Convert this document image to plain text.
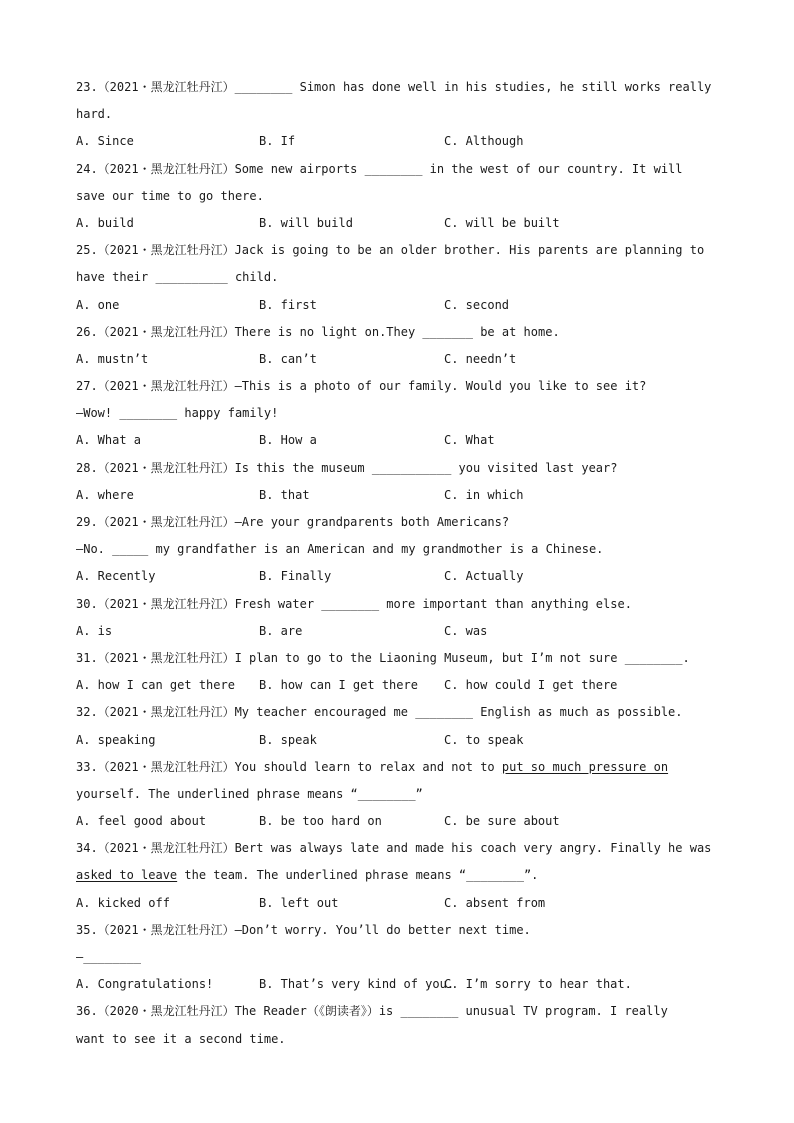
23.（2021・黑龙江牡丹江）________ Simon has done well in his studies, he still works really
hard.
A. Since	B. If	C. Although
24.（2021・黑龙江牡丹江）Some new airports ________ in the west of our country. It will
save our time to go there.
A. build	B. will build	C. will be built
25.（2021・黑龙江牡丹江）Jack is going to be an older brother. His parents are planning to
have their __________ child.
A. one	B. first	C. second
26.（2021・黑龙江牡丹江）There is no light on.They _______ be at home.
A. mustn’t	B. can’t	C. needn’t
27.（2021・黑龙江牡丹江）—This is a photo of our family. Would you like to see it?
—Wow! ________ happy family!
A. What a	B. How a	C. What
28.（2021・黑龙江牡丹江）Is this the museum ___________ you visited last year?
A. where	B. that	C. in which
29.（2021・黑龙江牡丹江）—Are your grandparents both Americans?
—No. _____ my grandfather is an American and my grandmother is a Chinese.
A. Recently	B. Finally	C. Actually
30.（2021・黑龙江牡丹江）Fresh water ________ more important than anything else.
A. is	B. are	C. was
31.（2021・黑龙江牡丹江）I plan to go to the Liaoning Museum, but I’m not sure ________.
A. how I can get there	B. how can I get there	C. how could I get there
32.（2021・黑龙江牡丹江）My teacher encouraged me ________ English as much as possible.
A. speaking	B. speak	C. to speak
33.（2021・黑龙江牡丹江）You should learn to relax and not to put so much pressure on
yourself. The underlined phrase means “________”
A. feel good about	B. be too hard on	C. be sure about
34.（2021・黑龙江牡丹江）Bert was always late and made his coach very angry. Finally he was
asked to leave the team. The underlined phrase means “________”.
A. kicked off	B. left out	C. absent from
35.（2021・黑龙江牡丹江）—Don’t worry. You’ll do better next time.
—________
A. Congratulations!	B. That’s very kind of you.
C. I’m sorry to hear that.
36.（2020・黑龙江牡丹江）The Reader（《朗读者》）is ________ unusual TV program. I really
want to see it a second time.
